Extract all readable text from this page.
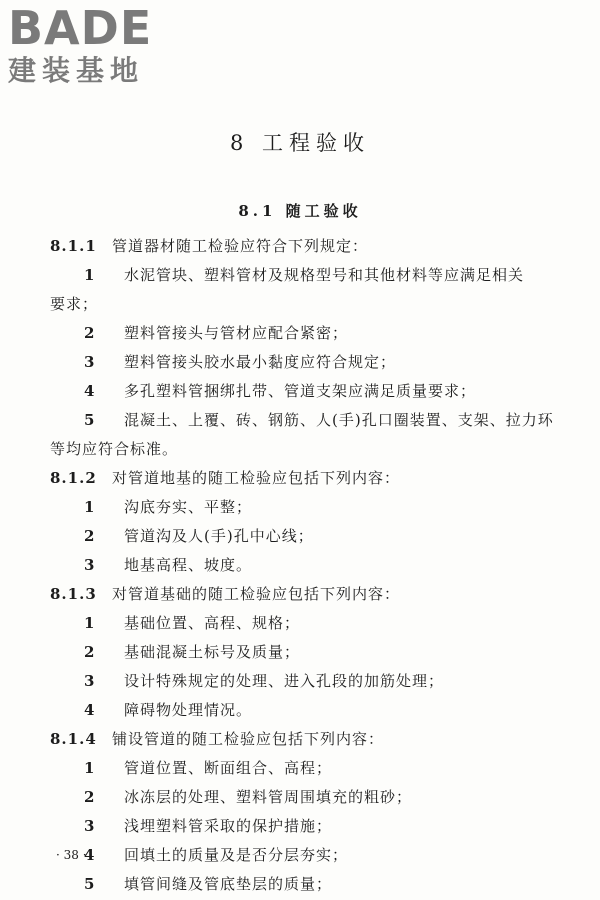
BADE
建装基地
8 工程验收
8.1 随工验收
8.1.1 管道器材随工检验应符合下列规定：
1 水泥管块、塑料管材及规格型号和其他材料等应满足相关
要求；
2 塑料管接头与管材应配合紧密；
3 塑料管接头胶水最小黏度应符合规定；
4 多孔塑料管捆绑扎带、管道支架应满足质量要求；
5 混凝土、上覆、砖、钢筋、人(手)孔口圈装置、支架、拉力环
等均应符合标准。
8.1.2 对管道地基的随工检验应包括下列内容：
1 沟底夯实、平整；
2 管道沟及人(手)孔中心线；
3 地基高程、坡度。
8.1.3 对管道基础的随工检验应包括下列内容：
1 基础位置、高程、规格；
2 基础混凝土标号及质量；
3 设计特殊规定的处理、进入孔段的加筋处理；
4 障碍物处理情况。
8.1.4 铺设管道的随工检验应包括下列内容：
1 管道位置、断面组合、高程；
2 冰冻层的处理、塑料管周围填充的粗砂；
3 浅埋塑料管采取的保护措施；
4 回填土的质量及是否分层夯实；
5 填管间缝及管底垫层的质量；
· 38 ·
